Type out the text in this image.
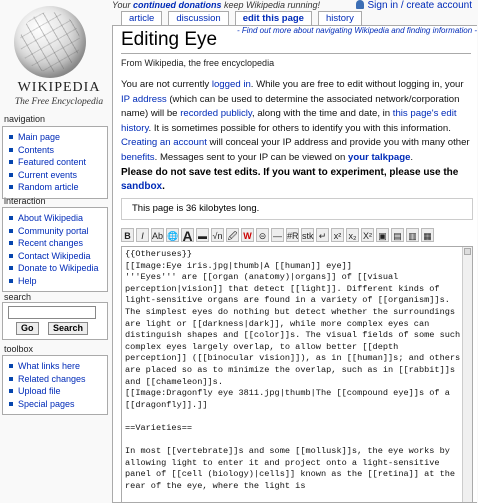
Your continued donations keep Wikipedia running!	Sign in / create account
WIKIPEDIA
The Free Encyclopedia
article	discussion	edit this page	history
- Find out more about navigating Wikipedia and finding information -
Editing Eye
From Wikipedia, the free encyclopedia
You are not currently logged in. While you are free to edit without logging in, your IP address (which can be used to determine the associated network/corporation name) will be recorded publicly, along with the time and date, in this page's edit history. It is sometimes possible for others to identify you with this information. Creating an account will conceal your IP address and provide you with many other benefits. Messages sent to your IP can be viewed on your talkpage.
Please do not save test edits. If you want to experiment, please use the sandbox.
This page is 36 kilobytes long.
B	I Ab 🌐 A ▬ √n 🖉 W ⊝ ― #R stk ↵ x² x₂ X² ▣ ▤ ▥ ▦
{{Otheruses}}
[[Image:Eye iris.jpg|thumb|A [[human]] eye]]
'''Eyes''' are [[organ (anatomy)|organs]] of [[visual perception|vision]] that detect [[light]]. Different kinds of light-sensitive organs are found in a variety of [[organism]]s. The simplest eyes do nothing but detect whether the surroundings are light or [[darkness|dark]], while more complex eyes can distinguish shapes and [[color]]s. The visual fields of some such complex eyes largely overlap, to allow better [[depth perception]] ([[binocular vision]]), as in [[human]]s; and others are placed so as to minimize the overlap, such as in [[rabbit]]s and [[chameleon]]s.
[[Image:Dragonfly eye 3811.jpg|thumb|The [[compound eye]]s of a [[dragonfly]].]]

==Varieties==

In most [[vertebrate]]s and some [[mollusk]]s, the eye works by allowing light to enter it and project onto a light-sensitive panel of [[cell (biology)|cells]] known as the [[retina]] at the rear of the eye, where the light is
navigation
Main page
Contents
Featured content
Current events
Random article
interaction
About Wikipedia
Community portal
Recent changes
Contact Wikipedia
Donate to Wikipedia
Help
search
Go	Search
toolbox
What links here
Related changes
Upload file
Special pages
